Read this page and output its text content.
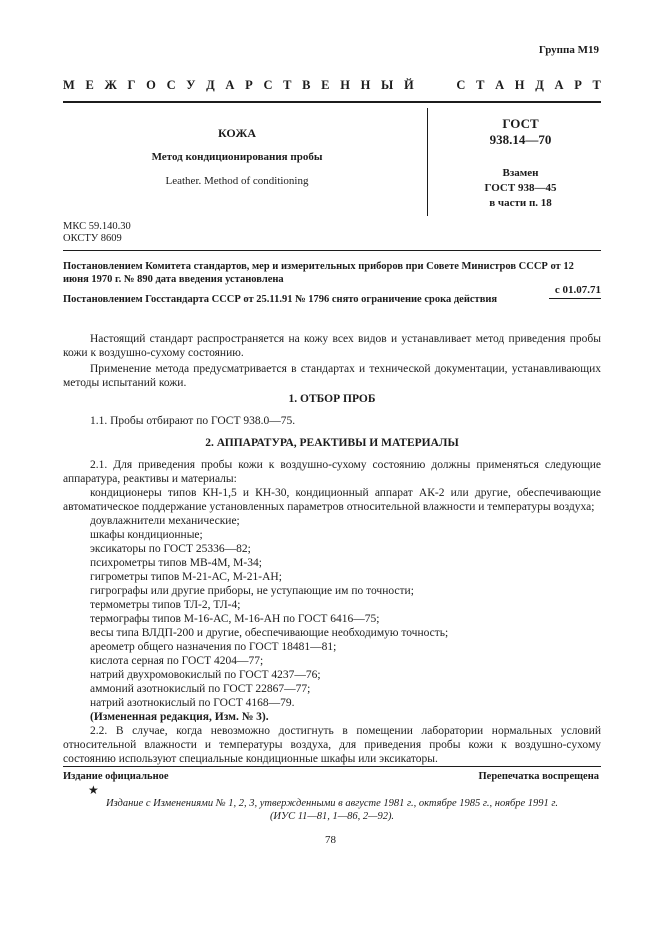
Группа М19
М Е Ж Г О С У Д А Р С Т В Е Н Н Ы Й	С Т А Н Д А Р Т
КОЖА
Метод кондиционирования пробы
Leather. Method of conditioning
ГОСТ
938.14—70
Взамен
ГОСТ 938—45
в части п. 18
МКС 59.140.30
ОКСТУ 8609
Постановлением Комитета стандартов, мер и измерительных приборов при Совете Министров СССР от 12 июня 1970 г. № 890 дата введения установлена
с 01.07.71
Постановлением Госстандарта СССР от 25.11.91 № 1796 снято ограничение срока действия

Настоящий стандарт распространяется на кожу всех видов и устанавливает метод приведения пробы кожи к воздушно-сухому состоянию.

Применение метода предусматривается в стандартах и технической документации, устанавливающих методы испытаний кожи.

1. ОТБОР ПРОБ

1.1. Пробы отбирают по ГОСТ 938.0—75.

2. АППАРАТУРА, РЕАКТИВЫ И МАТЕРИАЛЫ

2.1. Для приведения пробы кожи к воздушно-сухому состоянию должны применяться следующие аппаратура, реактивы и материалы:

кондиционеры типов КН-1,5 и КН-30, кондиционный аппарат АК-2 или другие, обеспечивающие автоматическое поддержание установленных параметров относительной влажности и температуры воздуха;

доувлажнители механические;

шкафы кондиционные;

эксикаторы по ГОСТ 25336—82;

психрометры типов МВ-4М, М-34;

гигрометры типов М-21-АС, М-21-АН;

гигрографы или другие приборы, не уступающие им по точности;

термометры типов ТЛ-2, ТЛ-4;

термографы типов М-16-АС, М-16-АН по ГОСТ 6416—75;

весы типа ВЛДП-200 и другие, обеспечивающие необходимую точность;

ареометр общего назначения по ГОСТ 18481—81;

кислота серная по ГОСТ 4204—77;

натрий двухромовокислый по ГОСТ 4237—76;

аммоний азотнокислый по ГОСТ 22867—77;

натрий азотнокислый по ГОСТ 4168—79.

(Измененная редакция, Изм. № 3).

2.2. В случае, когда невозможно достигнуть в помещении лаборатории нормальных условий относительной влажности и температуры воздуха, для приведения пробы кожи к воздушно-сухому состоянию используют специальные кондиционные шкафы или эксикаторы.

Издание официальное	Перепечатка воспрещена
★
Издание с Изменениями № 1, 2, 3, утвержденными в августе 1981 г., октябре 1985 г., ноябре 1991 г.
(ИУС 11—81, 1—86, 2—92).
78
